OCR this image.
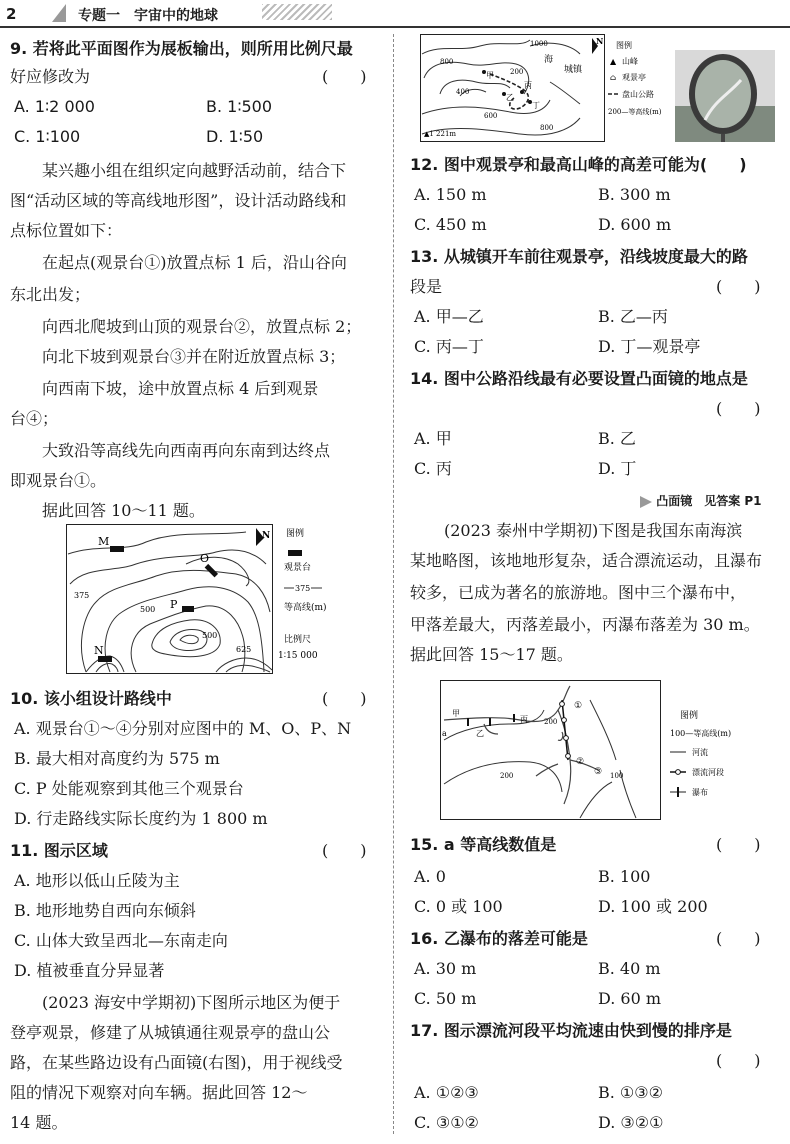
2	专题一　宇宙中的地球
9. 若将此平面图作为展板输出，则所用比例尺最
好应修改为	(　　)
A. 1∶2 000	B. 1∶500
C. 1∶100	D. 1∶50
某兴趣小组在组织定向越野活动前，结合下
图“活动区域的等高线地形图”，设计活动路线和
点标位置如下：
在起点(观景台①)放置点标 1 后，沿山谷向
东北出发；
向西北爬坡到山顶的观景台②，放置点标 2；
向北下坡到观景台③并在附近放置点标 3；
向西南下坡，途中放置点标 4 后到观景
台④；
大致沿等高线先向西南再向东南到达终点
即观景台①。
据此回答 10～11 题。
M
O
P
N
375
500
500
625
N 图例
观景台
375
等高线(m)
比例尺
1∶15 000
10. 该小组设计路线中	(　　)
A. 观景台①～④分别对应图中的 M、O、P、N
B. 最大相对高度约为 575 m
C. P 处能观察到其他三个观景台
D. 行走路线实际长度约为 1 800 m
11. 图示区域	(　　)
A. 地形以低山丘陵为主
B. 地形地势自西向东倾斜
C. 山体大致呈西北—东南走向
D. 植被垂直分异显著
(2023 海安中学期初)下图所示地区为便于
登亭观景，修建了从城镇通往观景亭的盘山公
路，在某些路边设有凸面镜(右图)，用于视线受
阻的情况下观察对向车辆。据此回答 12～
14 题。
800
1000
200
400
600
800
甲
乙
丙
丁
城镇
海
▲1 221m
N 图例
▲ 山峰
⌂ 观景亭
盘山公路
200—等高线(m)
12. 图中观景亭和最高山峰的高差可能为(　　)
A. 150 m	B. 300 m
C. 450 m	D. 600 m
13. 从城镇开车前往观景亭，沿线坡度最大的路
段是	(　　)
A. 甲—乙	B. 乙—丙
C. 丙—丁	D. 丁—观景亭
14. 图中公路沿线最有必要设置凸面镜的地点是
(　　)
A. 甲	B. 乙
C. 丙	D. 丁
凸面镜　见答案 P1
(2023 泰州中学期初)下图是我国东南海滨
某地略图，该地地形复杂，适合漂流运动，且瀑布
较多，已成为著名的旅游地。图中三个瀑布中，
甲落差最大，丙落差最小，丙瀑布落差为 30 m。
据此回答 15～17 题。
甲
乙
丙
a
200
200	100
①
②
③
图例
100—等高线(m)
河流
漂流河段
瀑布
15. a 等高线数值是	(　　)
A. 0	B. 100
C. 0 或 100	D. 100 或 200
16. 乙瀑布的落差可能是	(　　)
A. 30 m	B. 40 m
C. 50 m	D. 60 m
17. 图示漂流河段平均流速由快到慢的排序是
(　　)
A. ①②③	B. ①③②
C. ③①②	D. ③②①
